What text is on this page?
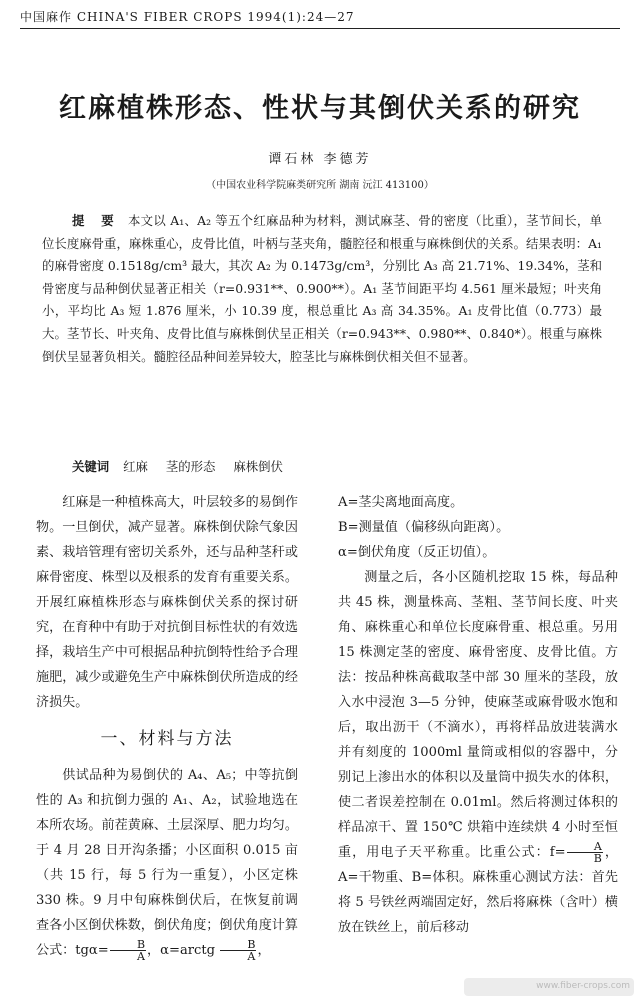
中国麻作 CHINA'S FIBER CROPS 1994(1):24—27
红麻植株形态、性状与其倒伏关系的研究
谭石林 李德芳
（中国农业科学院麻类研究所 湖南 沅江 413100）
提 要 本文以 A₁、A₂ 等五个红麻品种为材料，测试麻茎、骨的密度（比重），茎节间长，单位长度麻骨重，麻株重心，皮骨比值，叶柄与茎夹角，髓腔径和根重与麻株倒伏的关系。结果表明：A₁ 的麻骨密度 0.1518g/cm³ 最大，其次 A₂ 为 0.1473g/cm³，分别比 A₃ 高 21.71%、19.34%，茎和骨密度与品种倒伏显著正相关（r=0.931**、0.900**）。A₁ 茎节间距平均 4.561 厘米最短；叶夹角小，平均比 A₃ 短 1.876 厘米，小 10.39 度，根总重比 A₃ 高 34.35%。A₁ 皮骨比值（0.773）最大。茎节长、叶夹角、皮骨比值与麻株倒伏呈正相关（r=0.943**、0.980**、0.840*）。根重与麻株倒伏呈显著负相关。髓腔径品种间差异较大，腔茎比与麻株倒伏相关但不显著。
关键词 红麻 茎的形态 麻株倒伏

红麻是一种植株高大，叶层较多的易倒作物。一旦倒伏，减产显著。麻株倒伏除气象因素、栽培管理有密切关系外，还与品种茎秆或麻骨密度、株型以及根系的发育有重要关系。开展红麻植株形态与麻株倒伏关系的探讨研究，在育种中有助于对抗倒目标性状的有效选择，栽培生产中可根据品种抗倒特性给予合理施肥，减少或避免生产中麻株倒伏所造成的经济损失。

一、材料与方法

供试品种为易倒伏的 A₄、A₅；中等抗倒性的 A₃ 和抗倒力强的 A₁、A₂，试验地选在本所农场。前茬黄麻、土层深厚、肥力均匀。于 4 月 28 日开沟条播；小区面积 0.015 亩（共 15 行，每 5 行为一重复），小区定株 330 株。9 月中旬麻株倒伏后，在恢复前调查各小区倒伏株数，倒伏角度；倒伏角度计算公式：$tg\alpha= \frac{B}{A}$ ，α=arctg $\frac{B}{A}$ ，

A=茎尖离地面高度。

B=测量值（偏移纵向距离）。

α=倒伏角度（反正切值）。

测量之后，各小区随机挖取 15 株，每品种共 45 株，测量株高、茎粗、茎节间长度、叶夹角、麻株重心和单位长度麻骨重、根总重。另用 15 株测定茎的密度、麻骨密度、皮骨比值。方法：按品种株高截取茎中部 30 厘米的茎段，放入水中浸泡 3—5 分钟，使麻茎或麻骨吸水饱和后，取出沥干（不滴水），再将样品放进装满水并有刻度的 1000ml 量筒或相似的容器中，分别记上渗出水的体积以及量筒中损失水的体积，使二者误差控制在 0.01ml。然后将测过体积的样品凉干、置 150℃ 烘箱中连续烘 4 小时至恒重，用电子天平称重。比重公式：$f= \frac{A}{B}$ ，A=干物重、B=体积。麻株重心测试方法：首先将 5 号铁丝两端固定好，然后将麻株（含叶）横放在铁丝上，前后移动

www.fiber-crops.com
